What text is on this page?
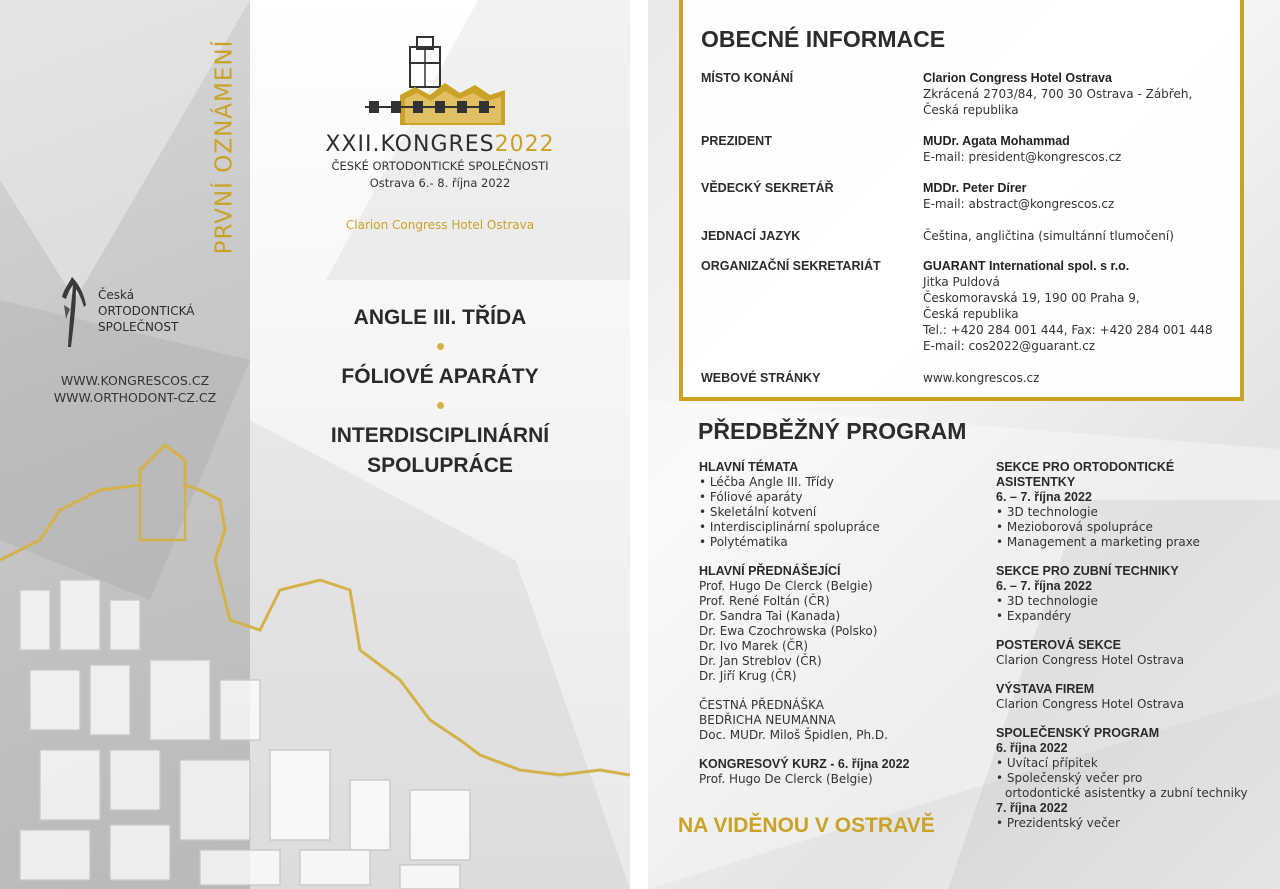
PRVNÍ OZNÁMENÍ
Česká
ORTODONTICKÁ
SPOLEČNOST
WWW.KONGRESCOS.CZ
WWW.ORTHODONT-CZ.CZ
XXII.KONGRES2022
ČESKÉ ORTODONTICKÉ SPOLEČNOSTI
Ostrava 6.- 8. října 2022
Clarion Congress Hotel Ostrava
ANGLE III. TŘÍDA
FÓLIOVÉ APARÁTY
INTERDISCIPLINÁRNÍ SPOLUPRÁCE
OBECNÉ INFORMACE
MÍSTO KONÁNÍ	Clarion Congress Hotel Ostrava
Zkrácená 2703/84, 700 30 Ostrava - Zábřeh,
Česká republika
PREZIDENT	MUDr. Agata Mohammad
E-mail: president@kongrescos.cz
VĚDECKÝ SEKRETÁŘ	MDDr. Peter Dírer
E-mail: abstract@kongrescos.cz
JEDNACÍ JAZYK	Čeština, angličtina (simultánní tlumočení)
ORGANIZAČNÍ SEKRETARIÁT	GUARANT International spol. s r.o.
Jitka Puldová
Českomoravská 19, 190 00 Praha 9,
Česká republika
Tel.: +420 284 001 444, Fax: +420 284 001 448
E-mail: cos2022@guarant.cz
WEBOVÉ STRÁNKY	www.kongrescos.cz
PŘEDBĚŽNÝ PROGRAM
HLAVNÍ TÉMATA
• Léčba Angle III. Třídy
• Fóliové aparáty
• Skeletální kotvení
• Interdisciplinární spolupráce
• Polytématika
HLAVNÍ PŘEDNÁŠEJÍCÍ
Prof. Hugo De Clerck (Belgie)
Prof. René Foltán (ČR)
Dr. Sandra Tai (Kanada)
Dr. Ewa Czochrowska (Polsko)
Dr. Ivo Marek (ČR)
Dr. Jan Streblov (ČR)
Dr. Jiří Krug (ČR)
ČESTNÁ PŘEDNÁŠKA
BEDŘICHA NEUMANNA
Doc. MUDr. Miloš Špidlen, Ph.D.
KONGRESOVÝ KURZ - 6. října 2022
Prof. Hugo De Clerck (Belgie)
SEKCE PRO ORTODONTICKÉ
ASISTENTKY
6. – 7. října 2022
• 3D technologie
• Mezioborová spolupráce
• Management a marketing praxe
SEKCE PRO ZUBNÍ TECHNIKY
6. – 7. října 2022
• 3D technologie
• Expandéry
POSTEROVÁ SEKCE
Clarion Congress Hotel Ostrava
VÝSTAVA FIREM
Clarion Congress Hotel Ostrava
SPOLEČENSKÝ PROGRAM
6. října 2022
• Uvítací přípitek
• Společenský večer pro
ortodontické asistentky a zubní techniky
7. října 2022
• Prezidentský večer
NA VIDĚNOU V OSTRAVĚ
